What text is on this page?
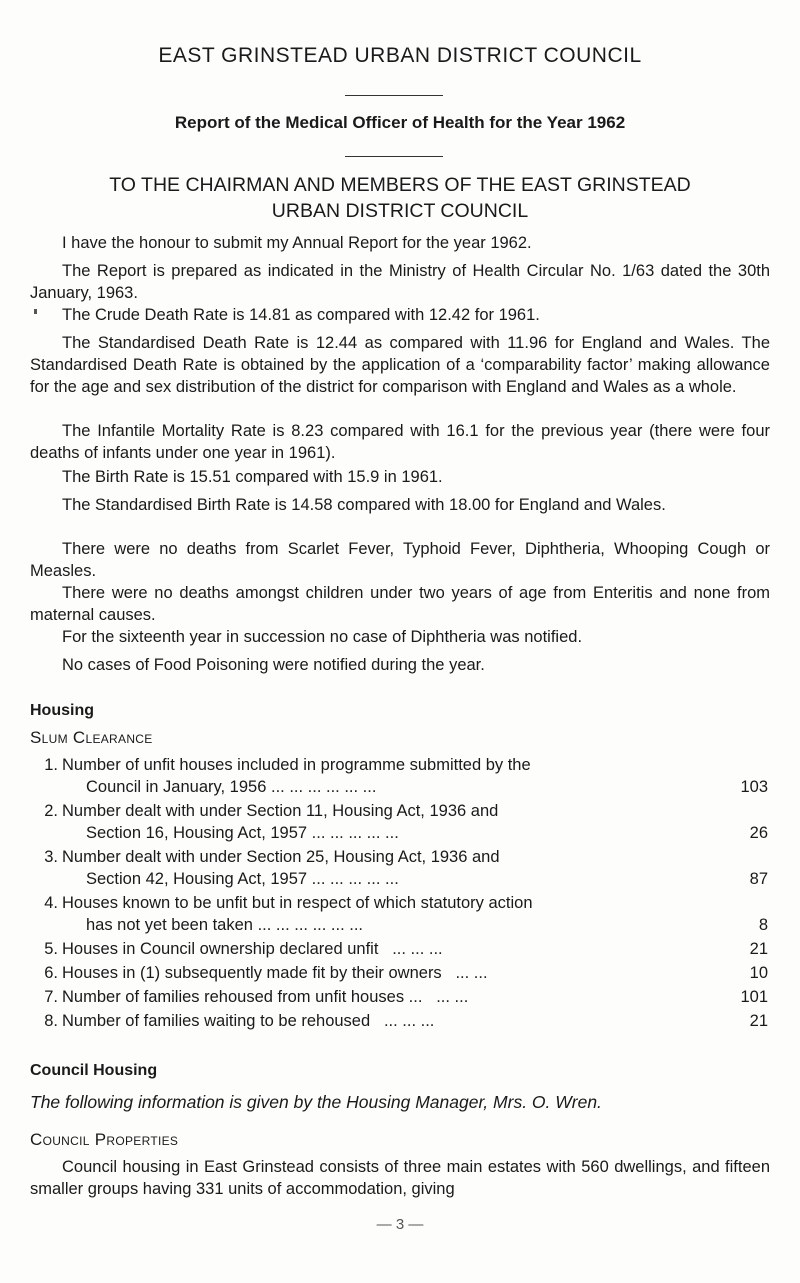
EAST GRINSTEAD URBAN DISTRICT COUNCIL
Report of the Medical Officer of Health for the Year 1962
TO THE CHAIRMAN AND MEMBERS OF THE EAST GRINSTEAD
URBAN DISTRICT COUNCIL

I have the honour to submit my Annual Report for the year 1962.

The Report is prepared as indicated in the Ministry of Health Circular No. 1/63 dated the 30th January, 1963.

The Crude Death Rate is 14.81 as compared with 12.42 for 1961.

The Standardised Death Rate is 12.44 as compared with 11.96 for England and Wales. The Standardised Death Rate is obtained by the application of a ‘comparability factor’ making allowance for the age and sex distribution of the district for comparison with England and Wales as a whole.

The Infantile Mortality Rate is 8.23 compared with 16.1 for the previous year (there were four deaths of infants under one year in 1961).

The Birth Rate is 15.51 compared with 15.9 in 1961.

The Standardised Birth Rate is 14.58 compared with 18.00 for England and Wales.

There were no deaths from Scarlet Fever, Typhoid Fever, Diphtheria, Whooping Cough or Measles.

There were no deaths amongst children under two years of age from Enteritis and none from maternal causes.

For the sixteenth year in succession no case of Diphtheria was notified.

No cases of Food Poisoning were notified during the year.

Housing
Slum Clearance
1. Number of unfit houses included in programme submitted by the
Council in January, 1956 ... ... ... ... ... ...	103
2. Number dealt with under Section 11, Housing Act, 1936 and
Section 16, Housing Act, 1957 ... ... ... ... ...	26
3. Number dealt with under Section 25, Housing Act, 1936 and
Section 42, Housing Act, 1957 ... ... ... ... ...	87
4. Houses known to be unfit but in respect of which statutory action
has not yet been taken ... ... ... ... ... ...	8
5. Houses in Council ownership declared unfit ... ... ...	21
6. Houses in (1) subsequently made fit by their owners ... ...	10
7. Number of families rehoused from unfit houses ... ... ...	101
8. Number of families waiting to be rehoused ... ... ...	21
Council Housing
The following information is given by the Housing Manager, Mrs. O. Wren.
Council Properties

Council housing in East Grinstead consists of three main estates with 560 dwellings, and fifteen smaller groups having 331 units of accommodation, giving

— 3 —
